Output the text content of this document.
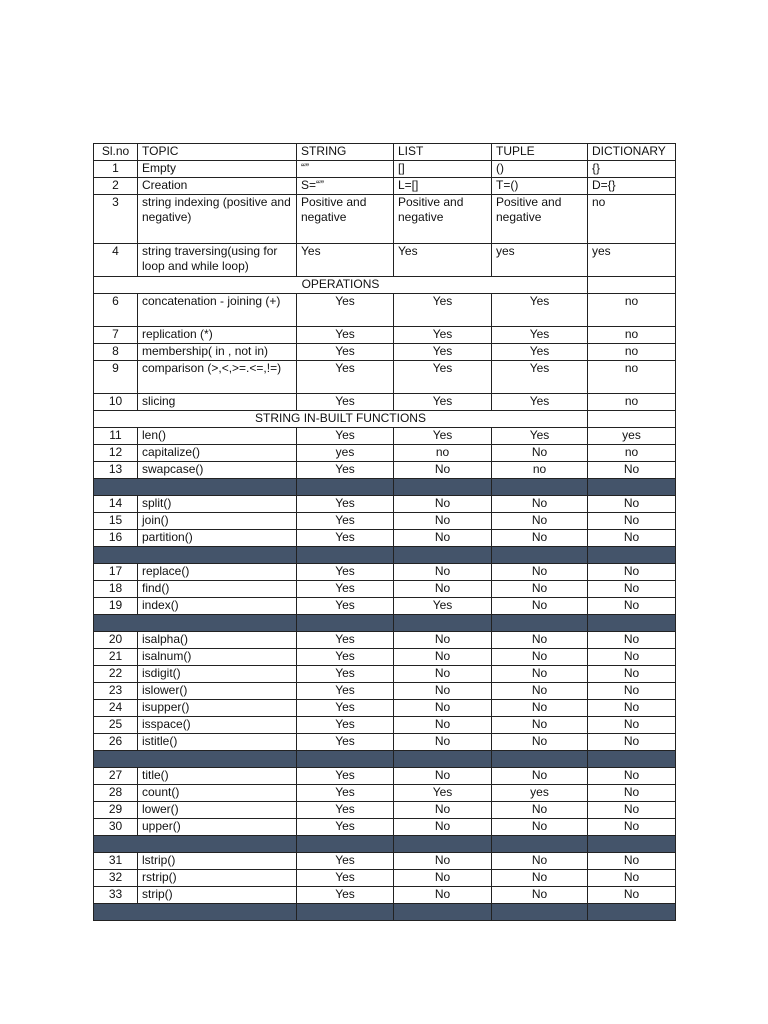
Sl.no	TOPIC	STRING	LIST	TUPLE	DICTIONARY
1	Empty	“”	[]	()	{}
2	Creation	S=“”	L=[]	T=()	D={}
3	string indexing (positive and negative)	Positive and negative	Positive and negative	Positive and negative	no
4	string traversing(using for loop and while loop)	Yes	Yes	yes	yes
OPERATIONS					
6	concatenation - joining (+)	Yes	Yes	Yes	no
7	replication (*)	Yes	Yes	Yes	no
8	membership( in , not in)	Yes	Yes	Yes	no
9	comparison (>,<,>=.<=,!=)	Yes	Yes	Yes	no
10	slicing	Yes	Yes	Yes	no
STRING IN-BUILT FUNCTIONS					
11	len()	Yes	Yes	Yes	yes
12	capitalize()	yes	no	No	no
13	swapcase()	Yes	No	no	No

14	split()	Yes	No	No	No
15	join()	Yes	No	No	No
16	partition()	Yes	No	No	No

17	replace()	Yes	No	No	No
18	find()	Yes	No	No	No
19	index()	Yes	Yes	No	No

20	isalpha()	Yes	No	No	No
21	isalnum()	Yes	No	No	No
22	isdigit()	Yes	No	No	No
23	islower()	Yes	No	No	No
24	isupper()	Yes	No	No	No
25	isspace()	Yes	No	No	No
26	istitle()	Yes	No	No	No

27	title()	Yes	No	No	No
28	count()	Yes	Yes	yes	No
29	lower()	Yes	No	No	No
30	upper()	Yes	No	No	No

31	lstrip()	Yes	No	No	No
32	rstrip()	Yes	No	No	No
33	strip()	Yes	No	No	No
